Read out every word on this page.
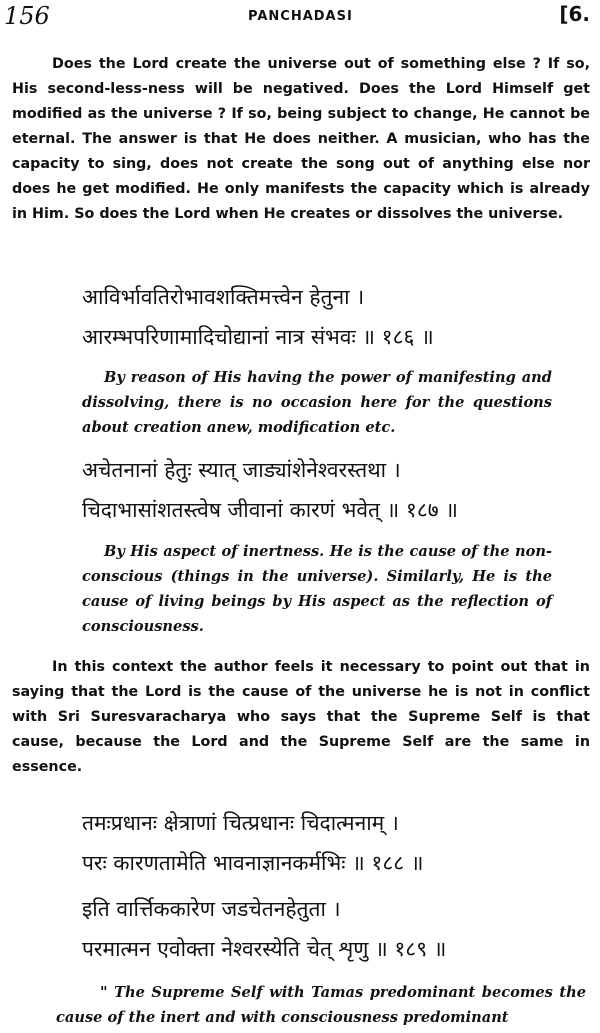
156	PANCHADASI	[6.

Does the Lord create the universe out of something else ? If so, His second-less-ness will be negatived. Does the Lord Himself get modified as the universe ? If so, being subject to change, He cannot be eternal. The answer is that He does neither. A musician, who has the capacity to sing, does not create the song out of anything else nor does he get modified. He only manifests the capacity which is already in Him. So does the Lord when He creates or dissolves the universe.

आविर्भावतिरोभावशक्तिमत्त्वेन हेतुना ।
आरम्भपरिणामादिचोद्यानां नात्र संभवः ॥ १८६ ॥

By reason of His having the power of manifesting and dissolving, there is no occasion here for the questions about creation anew, modification etc.

अचेतनानां हेतुः स्यात् जाड्यांशेनेश्वरस्तथा ।
चिदाभासांशतस्त्वेष जीवानां कारणं भवेत् ॥ १८७ ॥

By His aspect of inertness. He is the cause of the non-conscious (things in the universe). Similarly, He is the cause of living beings by His aspect as the reflection of consciousness.

In this context the author feels it necessary to point out that in saying that the Lord is the cause of the universe he is not in conflict with Sri Suresvaracharya who says that the Supreme Self is that cause, because the Lord and the Supreme Self are the same in essence.

तमःप्रधानः क्षेत्राणां चित्प्रधानः चिदात्मनाम् ।
परः कारणतामेति भावनाज्ञानकर्मभिः ॥ १८८ ॥
इति वार्त्तिककारेण जडचेतनहेतुता ।
परमात्मन एवोक्ता नेश्वरस्येति चेत् शृणु ॥ १८९ ॥

" The Supreme Self with Tamas predominant becomes the cause of the inert and with consciousness predominant
